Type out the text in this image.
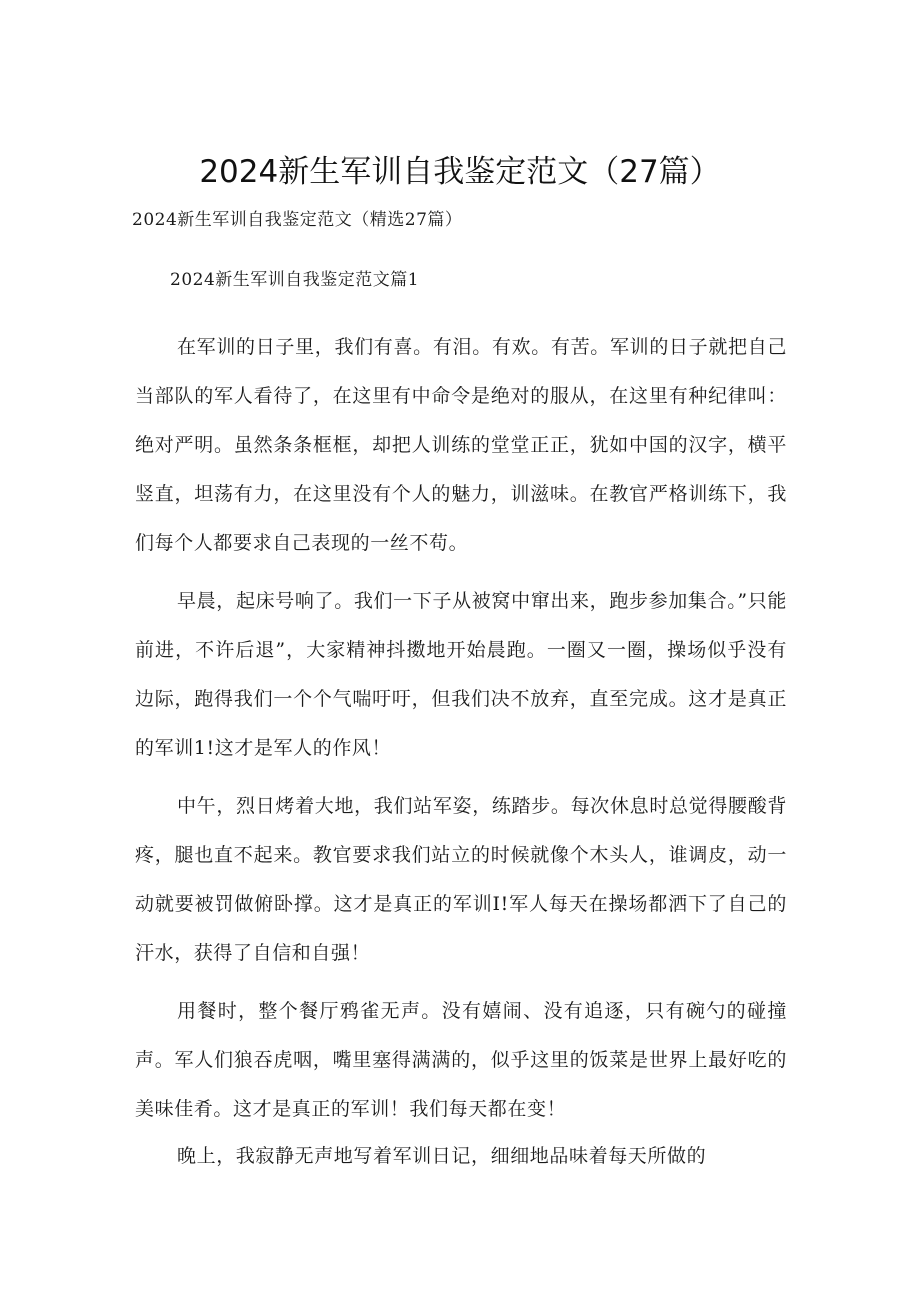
2024新生军训自我鉴定范文（27篇）

2024新生军训自我鉴定范文（精选27篇）

2024新生军训自我鉴定范文篇1

在军训的日子里，我们有喜。有泪。有欢。有苦。军训的日子就把自己当部队的军人看待了，在这里有中命令是绝对的服从，在这里有种纪律叫：绝对严明。虽然条条框框，却把人训练的堂堂正正，犹如中国的汉字，横平竖直，坦荡有力，在这里没有个人的魅力，训滋味。在教官严格训练下，我们每个人都要求自己表现的一丝不苟。

早晨，起床号响了。我们一下子从被窝中窜出来，跑步参加集合。”只能前进，不许后退”，大家精神抖擞地开始晨跑。一圈又一圈，操场似乎没有边际，跑得我们一个个气喘吁吁，但我们决不放弃，直至完成。这才是真正的军训1!这才是军人的作风！

中午，烈日烤着大地，我们站军姿，练踏步。每次休息时总觉得腰酸背疼，腿也直不起来。教官要求我们站立的时候就像个木头人，谁调皮，动一动就要被罚做俯卧撑。这才是真正的军训I!军人每天在操场都洒下了自己的汗水，获得了自信和自强！

用餐时，整个餐厅鸦雀无声。没有嬉闹、没有追逐，只有碗勺的碰撞声。军人们狼吞虎咽，嘴里塞得满满的，似乎这里的饭菜是世界上最好吃的美味佳肴。这才是真正的军训！我们每天都在变！

晚上，我寂静无声地写着军训日记，细细地品味着每天所做的
